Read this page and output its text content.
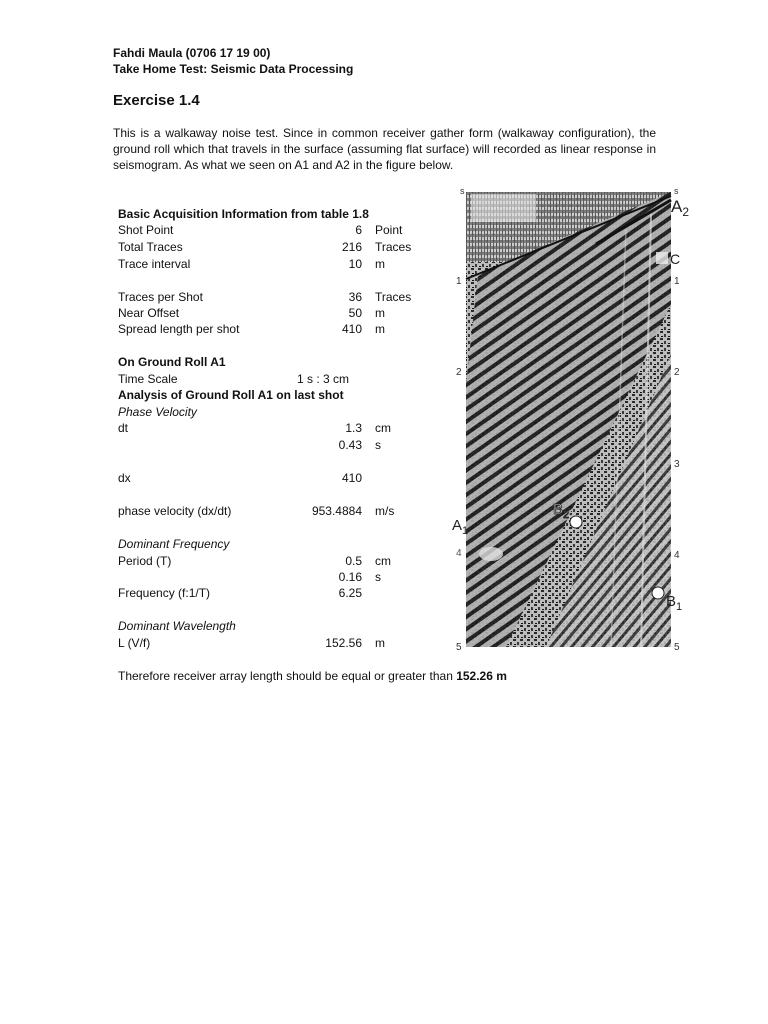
Fahdi Maula (0706 17 19 00)
Take Home Test: Seismic Data Processing
Exercise 1.4
This is a walkaway noise test. Since in common receiver gather form (walkaway configuration), the ground roll which that travels in the surface (assuming flat surface) will recorded as linear response in seismogram. As what we seen on A1 and A2 in the figure below.
Basic Acquisition Information from table 1.8
Shot Point	6 Point
Total Traces	216 Traces
Trace interval	10 m
Traces per Shot	36 Traces
Near Offset	50 m
Spread length per shot	410 m
On Ground Roll A1
Time Scale	1 s : 3 cm
Analysis of Ground Roll A1 on last shot
Phase Velocity
dt	1.3 cm
0.43 s
dx	410
phase velocity (dx/dt)	953.4884 m/s
Dominant Frequency
Period (T)	0.5 cm
0.16 s
Frequency (f:1/T)	6.25
Dominant Wavelength
L (V/f)	152.56 m
Therefore receiver array length should be equal or greater than 152.26 m
s	s
1
2
4
5
1
2
3
4
5
$A_2$
C
$A_1$
$B_2$
$B_1$
